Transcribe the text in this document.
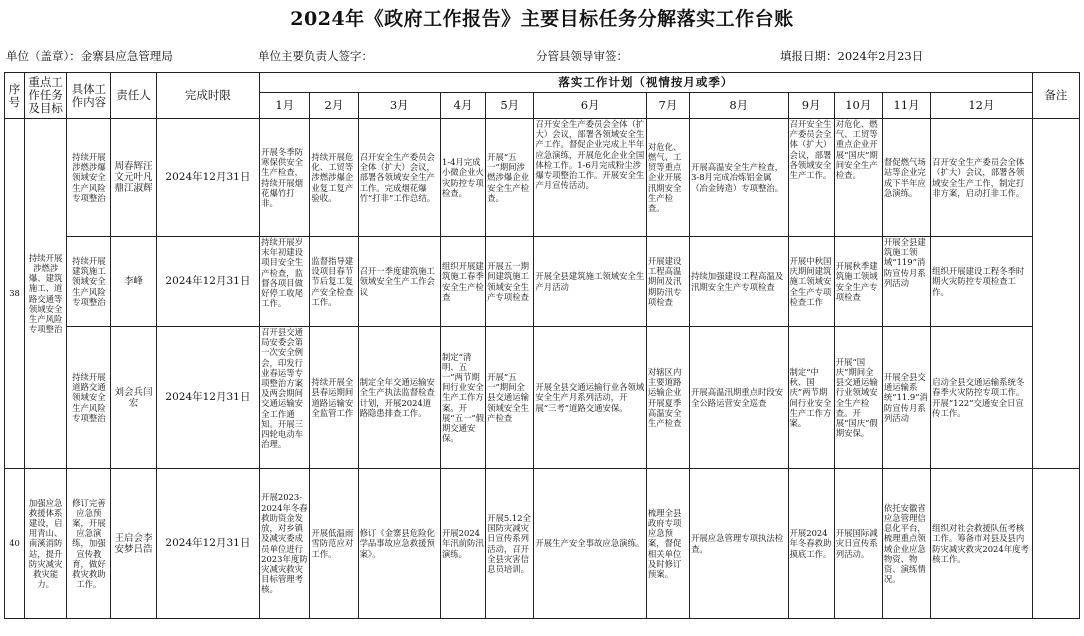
2024年《政府工作报告》主要目标任务分解落实工作台账
单位（盖章）：金寨县应急管理局	单位主要负责人签字：	分管县领导审签：	填报日期：2024年2月23日
序号	重点工作任务及目标	具体工作内容	责任人	完成时限	落实工作计划（视情按月或季）												备注
					1月	2月	3月	4月	5月	6月	7月	8月	9月	10月	11月	12月	
38	持续开展涉燃涉爆、建筑施工、道路交通等领域安全生产风险专项整治	持续开展涉燃涉爆领域安全生产风险专项整治	周春辉汪文元叶凡鼎江淑辉	2024年12月31日	开展冬季防寒保供安全生产检查，持续开展烟花爆竹打非。	持续开展危化、工贸等涉燃涉爆企业复工复产验收。	召开安全生产委员会全体（扩大）会议，部署各领域安全生产工作。完成烟花爆竹“打非”工作总结。	1-4月完成小微企业火灾防控专项检查。	开展“五一”期间涉燃涉爆企业安全生产检查。	召开安全生产委员会全体（扩大）会议，部署各领域安全生产工作。督促企业完成上半年应急演练，开展危化企业全国体检工作。1-6月完成粉尘涉爆专项整治工作。开展安全生产月宣传活动。	对危化、燃气、工贸等重点企业开展汛期安全生产检查。	开展高温安全生产检查，3-8月完成冶炼铝金属（冶金铸造）专项整治。	召开安全生产委员会全体（扩大）会议，部署各领域安全生产工作。	对危化、燃气、工贸等重点企业开展“国庆”期间安全生产检查。	督促燃气场站等企业完成下半年应急演练。	召开安全生产委员会全体（扩大）会议，部署各领域安全生产工作，制定打非方案，启动打非工作。	
		持续开展建筑施工领域安全生产风险专项整治	李峰	2024年12月31日	持续开展岁末年初建设项目安全生产检查，监督各项目做好停工收尾工作。	监督指导建设项目春节节后复工复产安全检查工作。	召开一季度建筑施工领域安全生产工作会议	组织开展建筑施工春季安全生产检查	开展五一期间建筑施工领域安全生产专项检查	开展全县建筑施工领域安全生产月活动	开展建设工程高温期间及汛期防汛专项检查	持续加强建设工程高温及汛期安全生产专项检查	开展中秋国庆期间建筑施工领域安全生产专项检查工作	开展秋季建筑施工领域安全生产专项检查	开展全县建筑施工领域“119”消防宣传月系列活动	组织开展建设工程冬季时期火灾防控专项检查工作。	
		持续开展道路交通领域安全生产风险专项整治	刘会兵闫宏	2024年12月31日	召开县交通局安委会第一次安全例会，印发行业春运等专项整治方案及两会期间交通运输安全工作通知。开展三四轮电动车治理。	持续开展全县春运期间道路运输安全监管工作	制定全年交通运输安全生产执法监督检查计划，开展2024道路隐患排查工作。	制定“清明、五一”两节期间行业安全生产工作方案。开展“五一”假期交通安保。	开展“五一”期间全县交通运输领域安全生产检查	开展全县交通运输行业各领域安全生产月系列活动，开展“三考”道路交通安保。	对辖区内主要道路运输企业开展夏季高温安全生产检查	开展高温汛期重点时段安全公路运营安全巡查	制定“中秋、国庆”两节期间行业安全生产工作方案。	开展“国庆”期间全县交通运输行业领域安全生产检查。开展“国庆”假期安保。	开展全县交通运输系统“11.9”消防宣传月系列活动	启动全县交通运输系统冬春季火灾防控专项工作。开展“122”交通安全日宣传工作。	
40	加强应急救援体系建设，启用青山、南溪消防站，提升防灾减灾救灾能力。	修订完善应急预案，开展应急演练，加强宣传教育，做好救灾救助工作。	王启会李安梦吕浩	2024年12月31日	开展2023-2024年冬春救助资金发放，对乡镇及减灾委成员单位进行2023年度防灾减灾救灾目标管理考核。	开展低温雨雪防范应对工作。	修订《金寨县危险化学品事故应急救援预案》。	开展2024年汛前防汛演练。	开展5.12全国防灾减灾日宣传系列活动，召开全县灾害信息员培训。	开展生产安全事故应急演练。	梳理全县政府专项应急预案，督促相关单位及时修订预案。	开展应急管理专项执法检查。	开展2024年冬春救助摸底工作。	开展国际减灾日宣传系列活动。	依托安徽省应急管理信息化平台，梳理重点领域企业应急物资、物资、演练情况。	组织对社会救援队伍考核工作。筹备市对县及县内防灾减灾救灾2024年度考核工作。	
